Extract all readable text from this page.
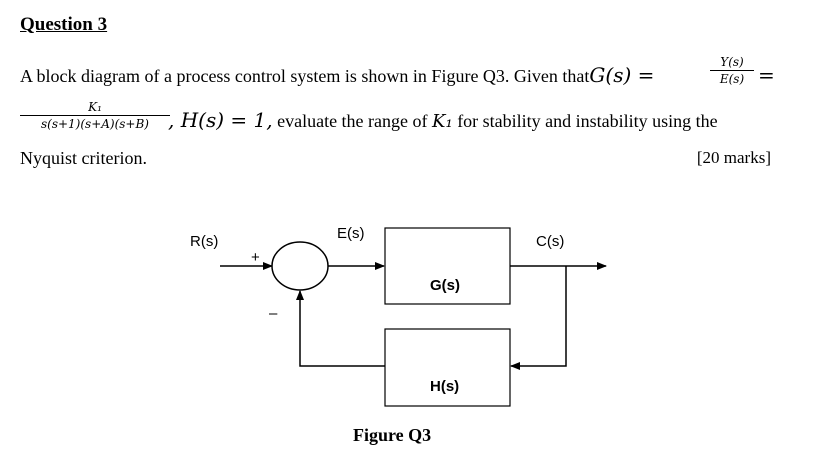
Question 3
A block diagram of a process control system is shown in Figure Q3. Given thatG(s) =
Y(s)
E(s) =
K₁
s(s+1)(s+A)(s+B) , H(s) = 1, evaluate the range of K₁ for stability and instability using the
Nyquist criterion.	[20 marks]
R(s)
+
–
E(s)
G(s)
C(s)
H(s)
Figure Q3
